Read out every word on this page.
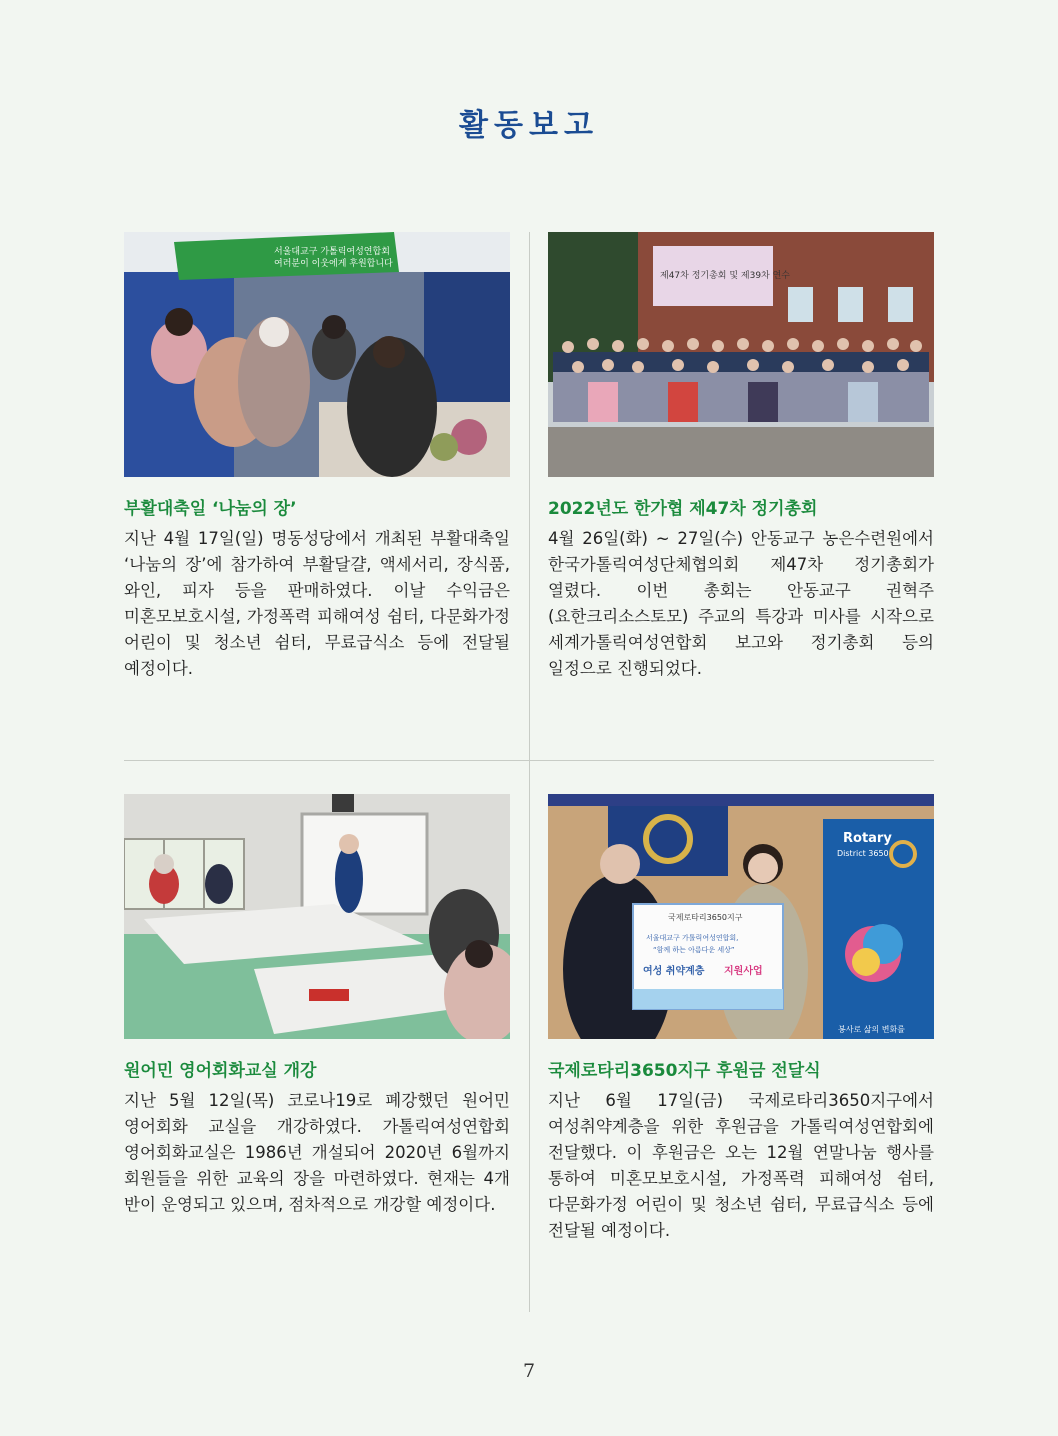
활동보고
서울대교구 가톨릭여성연합회
여러분이 이웃에게 후원합니다
부활대축일 ‘나눔의 장’
지난 4월 17일(일) 명동성당에서 개최된 부활대축일 ‘나눔의 장’에 참가하여 부활달걀, 액세서리, 장식품, 와인, 피자 등을 판매하였다. 이날 수익금은 미혼모보호시설, 가정폭력 피해여성 쉼터, 다문화가정 어린이 및 청소년 쉼터, 무료급식소 등에 전달될 예정이다.
제47차 정기총회 및 제39차 연수
2022년도 한가협 제47차 정기총회
4월 26일(화) ~ 27일(수) 안동교구 농은수련원에서 한국가톨릭여성단체협의회 제47차 정기총회가 열렸다. 이번 총회는 안동교구 권혁주(요한크리소스토모) 주교의 특강과 미사를 시작으로 세계가톨릭여성연합회 보고와 정기총회 등의 일정으로 진행되었다.
원어민 영어회화교실 개강
지난 5월 12일(목) 코로나19로 폐강했던 원어민 영어회화 교실을 개강하였다. 가톨릭여성연합회 영어회화교실은 1986년 개설되어 2020년 6월까지 회원들을 위한 교육의 장을 마련하였다. 현재는 4개 반이 운영되고 있으며, 점차적으로 개강할 예정이다.
Rotary
District 3650
봉사로 삶의 변화를
국제로타리3650지구
서울대교구 가톨릭여성연합회,
“함께 하는 아름다운 세상”
여성 취약계층 지원사업
국제로타리3650지구 후원금 전달식
지난 6월 17일(금) 국제로타리3650지구에서 여성취약계층을 위한 후원금을 가톨릭여성연합회에 전달했다. 이 후원금은 오는 12월 연말나눔 행사를 통하여 미혼모보호시설, 가정폭력 피해여성 쉼터, 다문화가정 어린이 및 청소년 쉼터, 무료급식소 등에 전달될 예정이다.
7
